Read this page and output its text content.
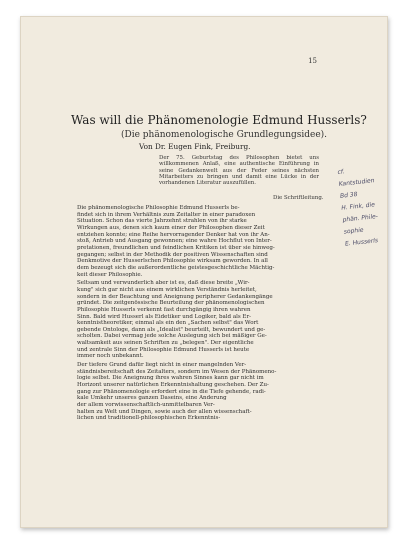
15
Was will die Phänomenologie Edmund Husserls?
(Die phänomenologische Grundlegungsidee).
Von Dr. Eugen Fink, Freiburg.
Der 75. Geburtstag des Philosophen bietet uns willkommenen Anlaß, eine authentische Einführung in seine Gedankenwelt aus der Feder seines nächsten Mitarbeiters zu bringen und damit eine Lücke in der vorhandenen Literatur auszufüllen.
Die Schriftleitung.
Die phänomenologische Philosophie Edmund Husserls be-
findet sich in ihrem Verhältnis zum Zeitalter in einer paradoxen
Situation. Schon das vierte Jahrzehnt strahlen von ihr starke
Wirkungen aus, denen sich kaum einer der Philosophen dieser Zeit
entziehen konnte; eine Reihe hervorragender Denker hat von ihr An-
stoß, Antrieb und Ausgang gewonnen; eine wahre Hochflut von Inter-
pretationen, freundlichen und feindlichen Kritiken ist über sie hinweg-
gegangen; selbst in der Methodik der positiven Wissenschaften sind
Denkmotive der Husserlschen Philosophie wirksam geworden. In all
dem bezeugt sich die außerordentliche geistesgeschichtliche Mächtig-
keit dieser Philosophie.
Seltsam und verwunderlich aber ist es, daß diese breite „Wir-
kung" sich gar nicht aus einem wirklichen Verständnis herleitet,
sondern in der Beachtung und Aneignung peripherer Gedankengänge
gründet. Die zeitgenössische Beurteilung der phänomenologischen
Philosophie Husserls verkennt fast durchgängig ihren wahren
Sinn. Bald wird Husserl als Eidetiker und Logiker, bald als Er-
kenntnistheoretiker, einmal als ein den „Sachen selbst" das Wort
gebende Ontologe, dann als „Idealist" beurteilt, bewundert und ge-
scholten. Dabei vermag jede solche Auslegung sich bei mäßiger Ge-
waltsamkeit aus seinen Schriften zu „belegen". Der eigentliche
und zentrale Sinn der Philosophie Edmund Husserls ist heute
immer noch unbekannt.
Der tiefere Grund dafür liegt nicht in einer mangelnden Ver-
ständnisbereitschaft des Zeitalters, sondern im Wesen der Phänomeno-
logie selbst. Die Aneignung ihres wahren Sinnes kann gar nicht im
Horizont unserer natürlichen Erkenntnishaltung geschehen. Der Zu-
gang zur Phänomenologie erfordert eine in die Tiefe gehende, radi-
kale Umkehr unseres ganzen Daseins, eine Änderung
der allem vorwissenschaftlich-unmittelbaren Ver-
halten zu Welt und Dingen, sowie auch der allen wissenschaft-
lichen und traditionell-philosophischen Erkenntnis-
cf.
Kantstudien
Bd 38
H. Fink, die
phän. Phile-
sophie
E. Husserls
